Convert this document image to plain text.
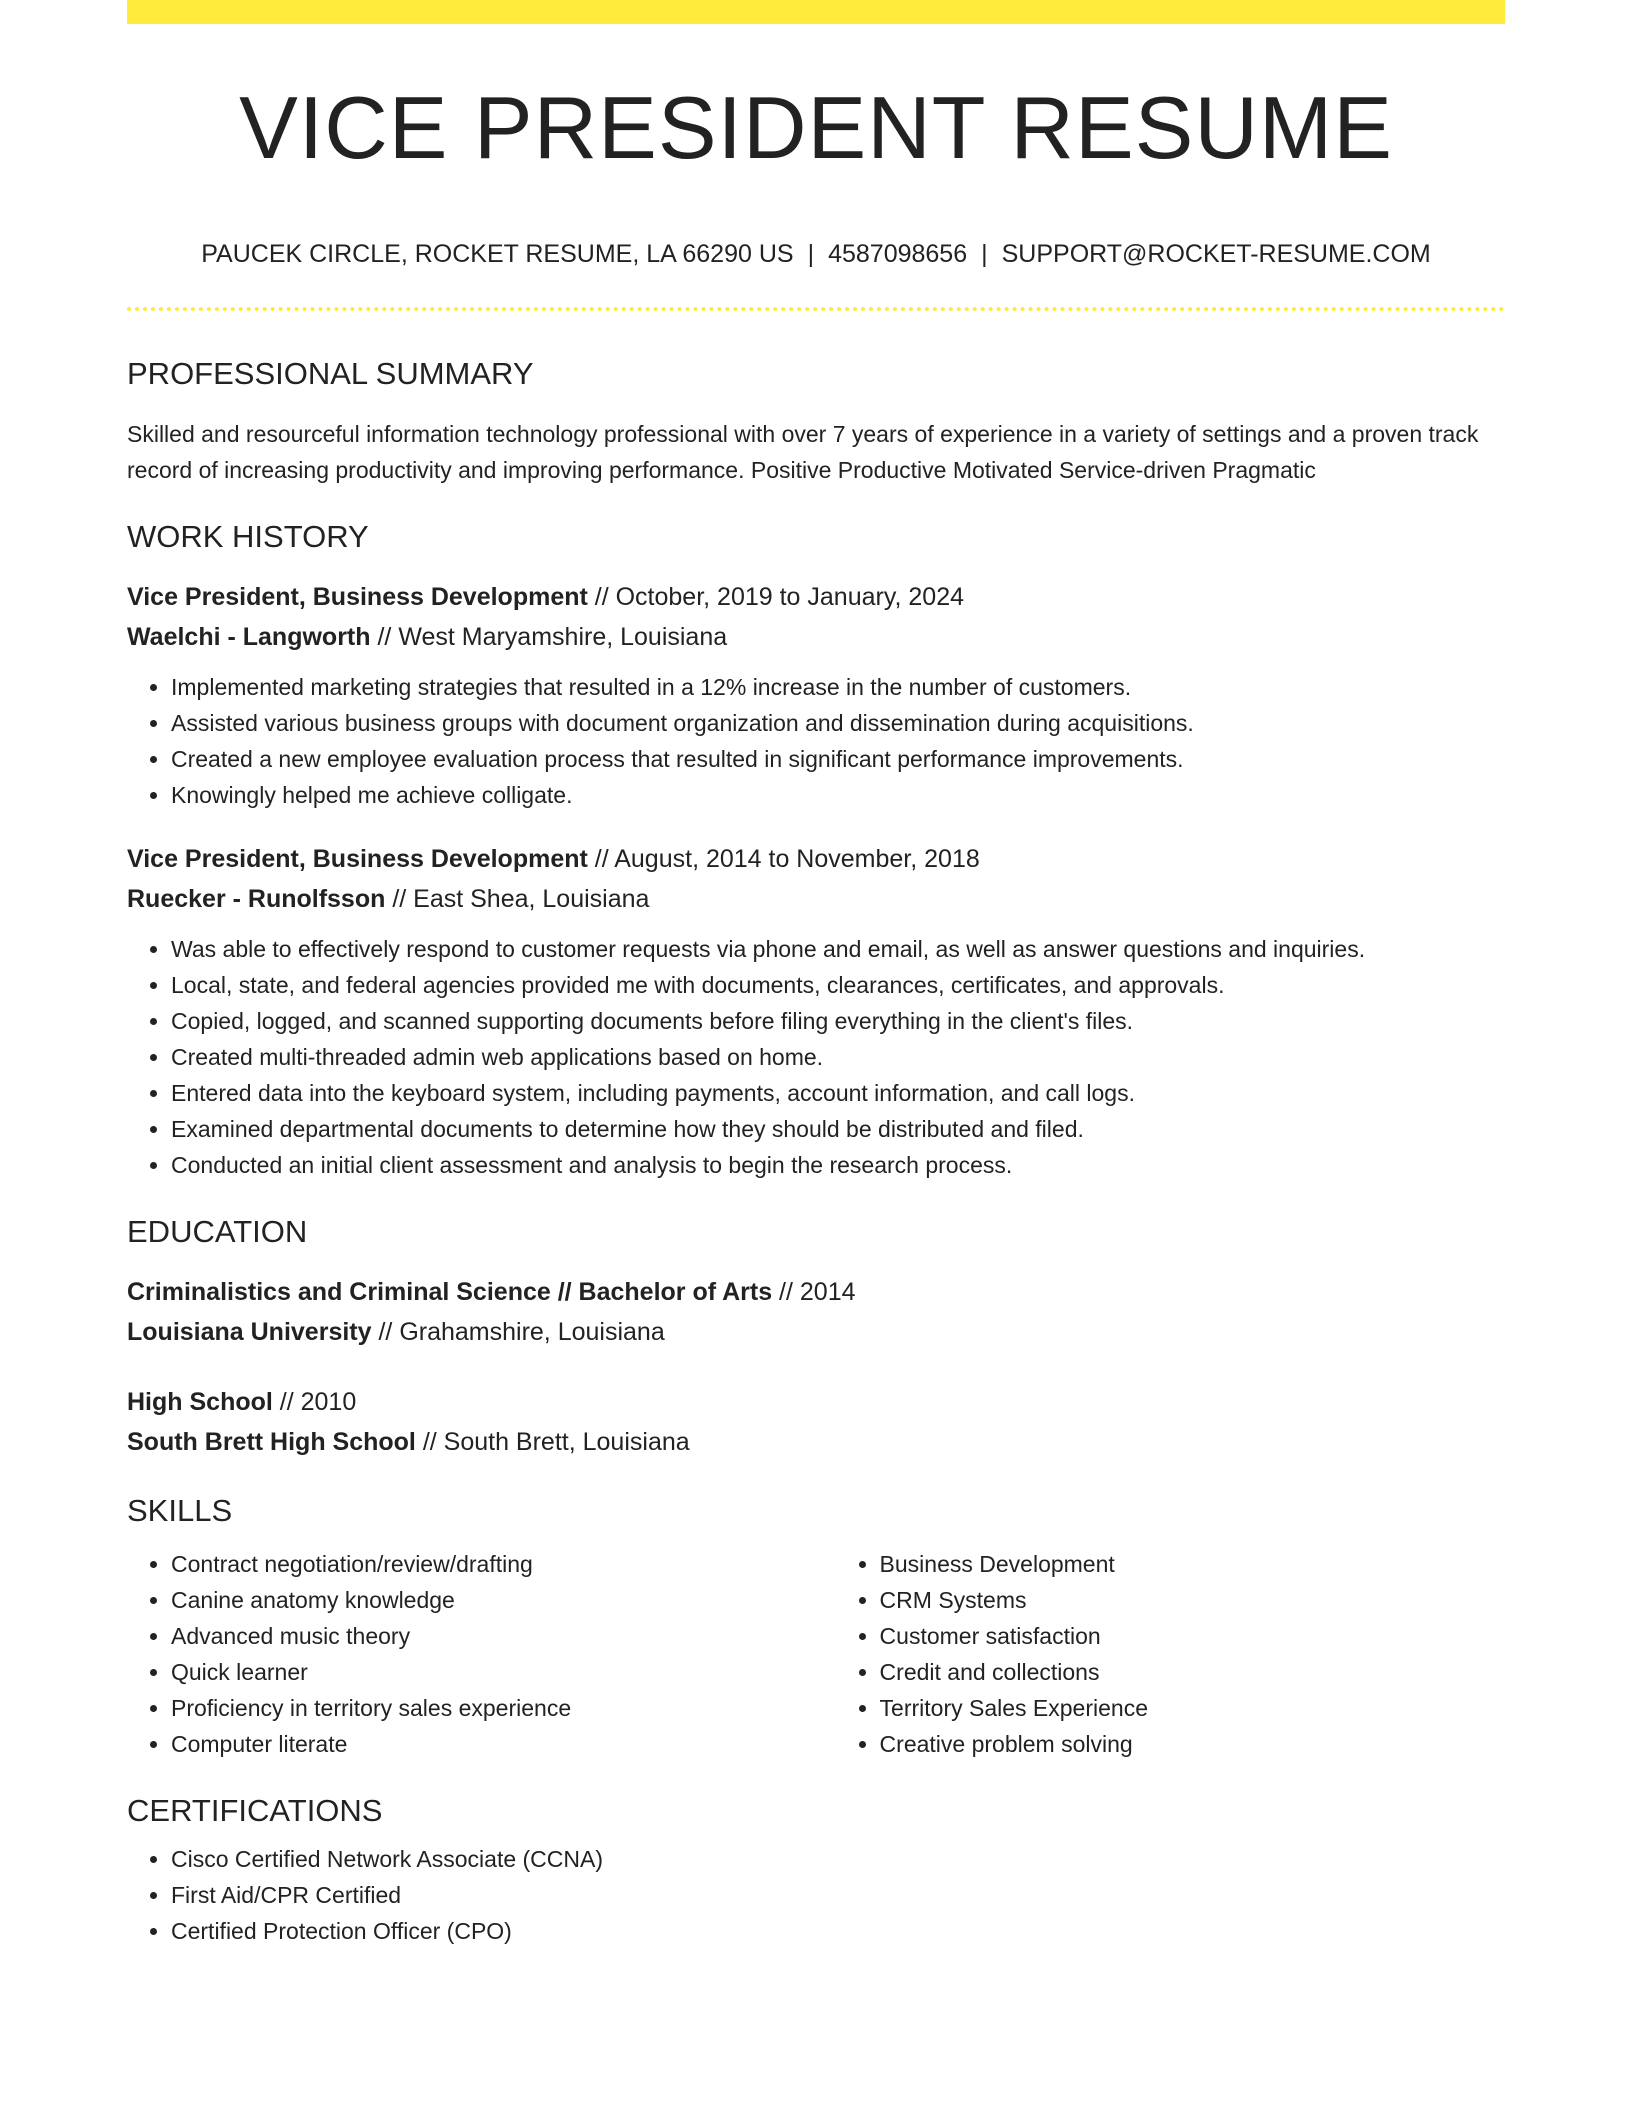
VICE PRESIDENT RESUME
PAUCEK CIRCLE, ROCKET RESUME, LA 66290 US | 4587098656 | SUPPORT@ROCKET-RESUME.COM
PROFESSIONAL SUMMARY
Skilled and resourceful information technology professional with over 7 years of experience in a variety of settings and a proven track record of increasing productivity and improving performance. Positive Productive Motivated Service-driven Pragmatic
WORK HISTORY
Vice President, Business Development // October, 2019 to January, 2024
Waelchi - Langworth // West Maryamshire, Louisiana
• Implemented marketing strategies that resulted in a 12% increase in the number of customers.
• Assisted various business groups with document organization and dissemination during acquisitions.
• Created a new employee evaluation process that resulted in significant performance improvements.
• Knowingly helped me achieve colligate.
Vice President, Business Development // August, 2014 to November, 2018
Ruecker - Runolfsson // East Shea, Louisiana
• Was able to effectively respond to customer requests via phone and email, as well as answer questions and inquiries.
• Local, state, and federal agencies provided me with documents, clearances, certificates, and approvals.
• Copied, logged, and scanned supporting documents before filing everything in the client's files.
• Created multi-threaded admin web applications based on home.
• Entered data into the keyboard system, including payments, account information, and call logs.
• Examined departmental documents to determine how they should be distributed and filed.
• Conducted an initial client assessment and analysis to begin the research process.
EDUCATION
Criminalistics and Criminal Science // Bachelor of Arts // 2014
Louisiana University // Grahamshire, Louisiana
High School // 2010
South Brett High School // South Brett, Louisiana
SKILLS
• Contract negotiation/review/drafting
• Canine anatomy knowledge
• Advanced music theory
• Quick learner
• Proficiency in territory sales experience
• Computer literate
• Business Development
• CRM Systems
• Customer satisfaction
• Credit and collections
• Territory Sales Experience
• Creative problem solving
CERTIFICATIONS
• Cisco Certified Network Associate (CCNA)
• First Aid/CPR Certified
• Certified Protection Officer (CPO)
